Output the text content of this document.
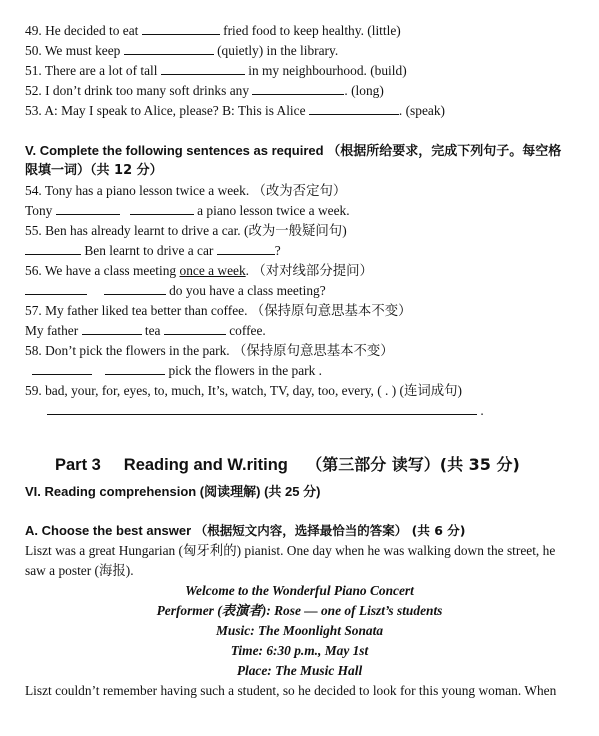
49. He decided to eat	fried food to keep healthy. (little)
50. We must keep	(quietly) in the library.
51. There are a lot of tall	in my neighbourhood. (build)
52. I don’t drink too many soft drinks any	. (long)
53. A: May I speak to Alice, please? B: This is Alice	. (speak)
V. Complete the following sentences as required （根据所给要求，完成下列句子。每空格
限填一词）（共 12 分）
54. Tony has a piano lesson twice a week. （改为否定句）
Tony	a piano lesson twice a week.
55. Ben has already learnt to drive a car. (改为一般疑问句)
Ben learnt to drive a car	?
56. We have a class meeting once a week. （对对线部分提问）
do you have a class meeting?
57. My father liked tea better than coffee. （保持原句意思基本不变）
My father	tea	coffee.
58. Don’t pick the flowers in the park. （保持原句意思基本不变）
pick the flowers in the park .
59. bad, your, for, eyes, to, much, It’s, watch, TV, day, too, every, ( . ) (连词成句)
.
Part 3 Reading and W.riting （第三部分 读写）(共 35 分)
VI. Reading comprehension (阅读理解) (共 25 分)
A. Choose the best answer （根据短文内容，选择最恰当的答案） (共 6 分)
Liszt was a great Hungarian (匈牙利的) pianist. One day when he was walking down the street, he
saw a poster (海报).
Welcome to the Wonderful Piano Concert
Performer (表演者): Rose — one of Liszt’s students
Music: The Moonlight Sonata
Time: 6:30 p.m., May 1st
Place: The Music Hall
Liszt couldn’t remember having such a student, so he decided to look for this young woman. When
